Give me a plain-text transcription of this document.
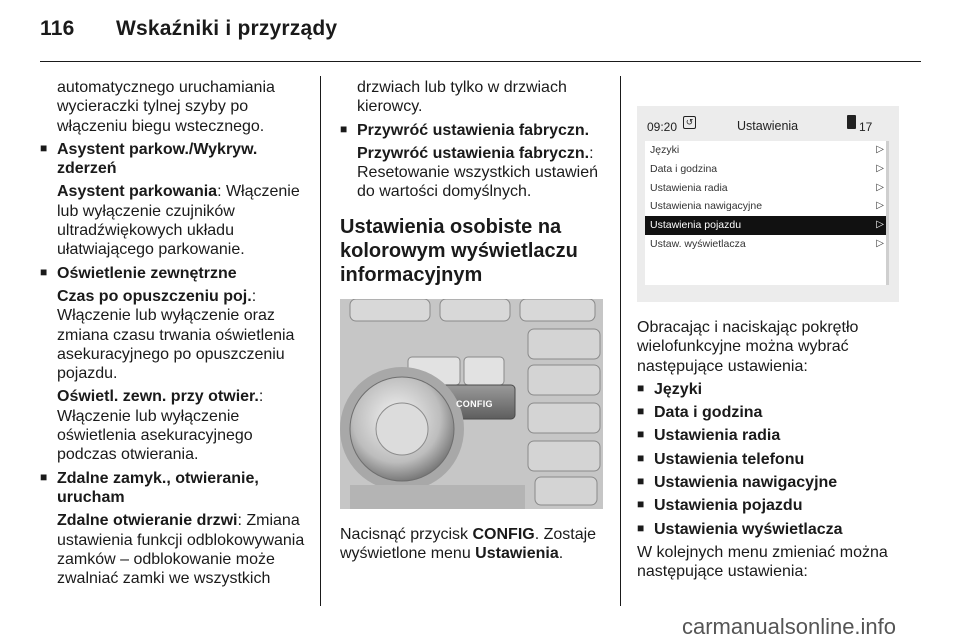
116 Wskaźniki i przyrządy

automatycznego uruchamiania wycieraczki tylnej szyby po włączeniu biegu wstecznego.

■ Asystent parkow./Wykryw. zderzeń

Asystent parkowania: Włączenie lub wyłączenie czujników ultradźwiękowych układu ułatwiającego parkowanie.

■ Oświetlenie zewnętrzne

Czas po opuszczeniu poj.: Włączenie lub wyłączenie oraz zmiana czasu trwania oświetlenia asekuracyjnego po opuszczeniu pojazdu.

Oświetl. zewn. przy otwier.: Włączenie lub wyłączenie oświetlenia asekuracyjnego podczas otwierania.

■ Zdalne zamyk., otwieranie, urucham

Zdalne otwieranie drzwi: Zmiana ustawienia funkcji odblokowywania zamków – odblokowanie może zwalniać zamki we wszystkich

drzwiach lub tylko w drzwiach kierowcy.

■ Przywróć ustawienia fabryczn.

Przywróć ustawienia fabryczn.: Resetowanie wszystkich ustawień do wartości domyślnych.

Ustawienia osobiste na kolorowym wyświetlaczu informacyjnym
CONFIG

Nacisnąć przycisk CONFIG. Zostaje wyświetlone menu Ustawienia.

09:20 ↺	Ustawienia	17
Języki	▷
Data i godzina	▷
Ustawienia radia	▷
Ustawienia nawigacyjne	▷
Ustawienia pojazdu	▷
Ustaw. wyświetlacza	▷

Obracając i naciskając pokrętło wielofunkcyjne można wybrać następujące ustawienia:

■ Języki
■ Data i godzina
■ Ustawienia radia
■ Ustawienia telefonu
■ Ustawienia nawigacyjne
■ Ustawienia pojazdu
■ Ustawienia wyświetlacza

W kolejnych menu zmieniać można następujące ustawienia:

carmanualsonline.info
